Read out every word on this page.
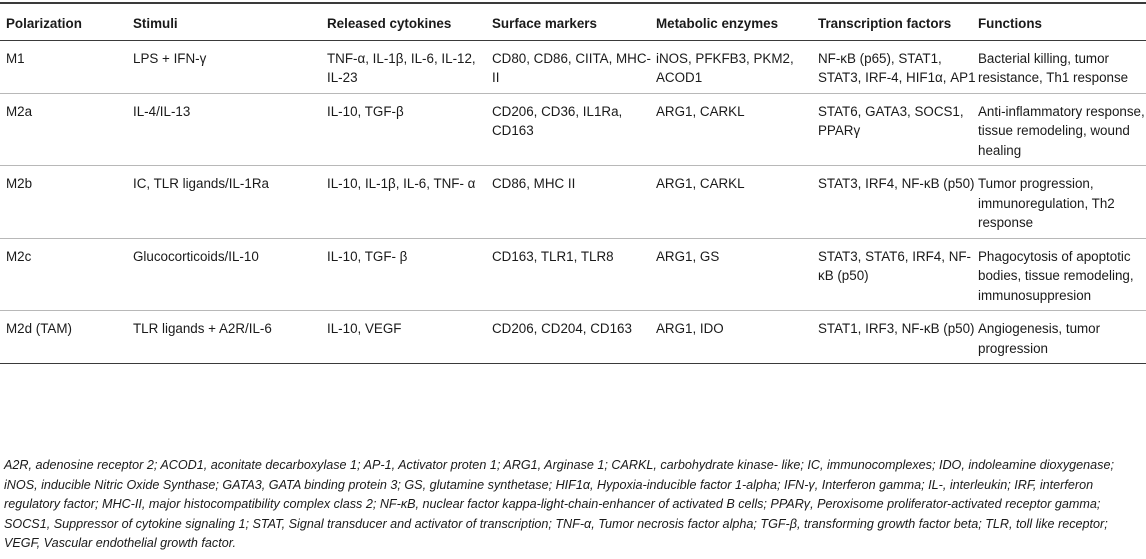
Polarization	Stimuli	Released cytokines	Surface markers	Metabolic enzymes	Transcription factors	Functions
M1	LPS + IFN-γ	TNF-α, IL-1β, IL-6, IL-12, IL-23	CD80, CD86, CIITA, MHC-II	iNOS, PFKFB3, PKM2, ACOD1	NF-κB (p65), STAT1, STAT3, IRF-4, HIF1α, AP1	Bacterial killing, tumor resistance, Th1 response
M2a	IL-4/IL-13	IL-10, TGF-β	CD206, CD36, IL1Ra, CD163	ARG1, CARKL	STAT6, GATA3, SOCS1, PPARγ	Anti-inflammatory response, tissue remodeling, wound healing
M2b	IC, TLR ligands/IL-1Ra	IL-10, IL-1β, IL-6, TNF- α	CD86, MHC II	ARG1, CARKL	STAT3, IRF4, NF-κB (p50)	Tumor progression, immunoregulation, Th2 response
M2c	Glucocorticoids/IL-10	IL-10, TGF- β	CD163, TLR1, TLR8	ARG1, GS	STAT3, STAT6, IRF4, NF-κB (p50)	Phagocytosis of apoptotic bodies, tissue remodeling, immunosuppresion
M2d (TAM)	TLR ligands + A2R/IL-6	IL-10, VEGF	CD206, CD204, CD163	ARG1, IDO	STAT1, IRF3, NF-κB (p50)	Angiogenesis, tumor progression
A2R, adenosine receptor 2; ACOD1, aconitate decarboxylase 1; AP-1, Activator proten 1; ARG1, Arginase 1; CARKL, carbohydrate kinase- like; IC, immunocomplexes; IDO, indoleamine dioxygenase; iNOS, inducible Nitric Oxide Synthase; GATA3, GATA binding protein 3; GS, glutamine synthetase; HIF1α, Hypoxia-inducible factor 1-alpha; IFN-γ, Interferon gamma; IL-, interleukin; IRF, interferon regulatory factor; MHC-II, major histocompatibility complex class 2; NF-κB, nuclear factor kappa-light-chain-enhancer of activated B cells; PPARγ, Peroxisome proliferator-activated receptor gamma; SOCS1, Suppressor of cytokine signaling 1; STAT, Signal transducer and activator of transcription; TNF-α, Tumor necrosis factor alpha; TGF-β, transforming growth factor beta; TLR, toll like receptor; VEGF, Vascular endothelial growth factor.
